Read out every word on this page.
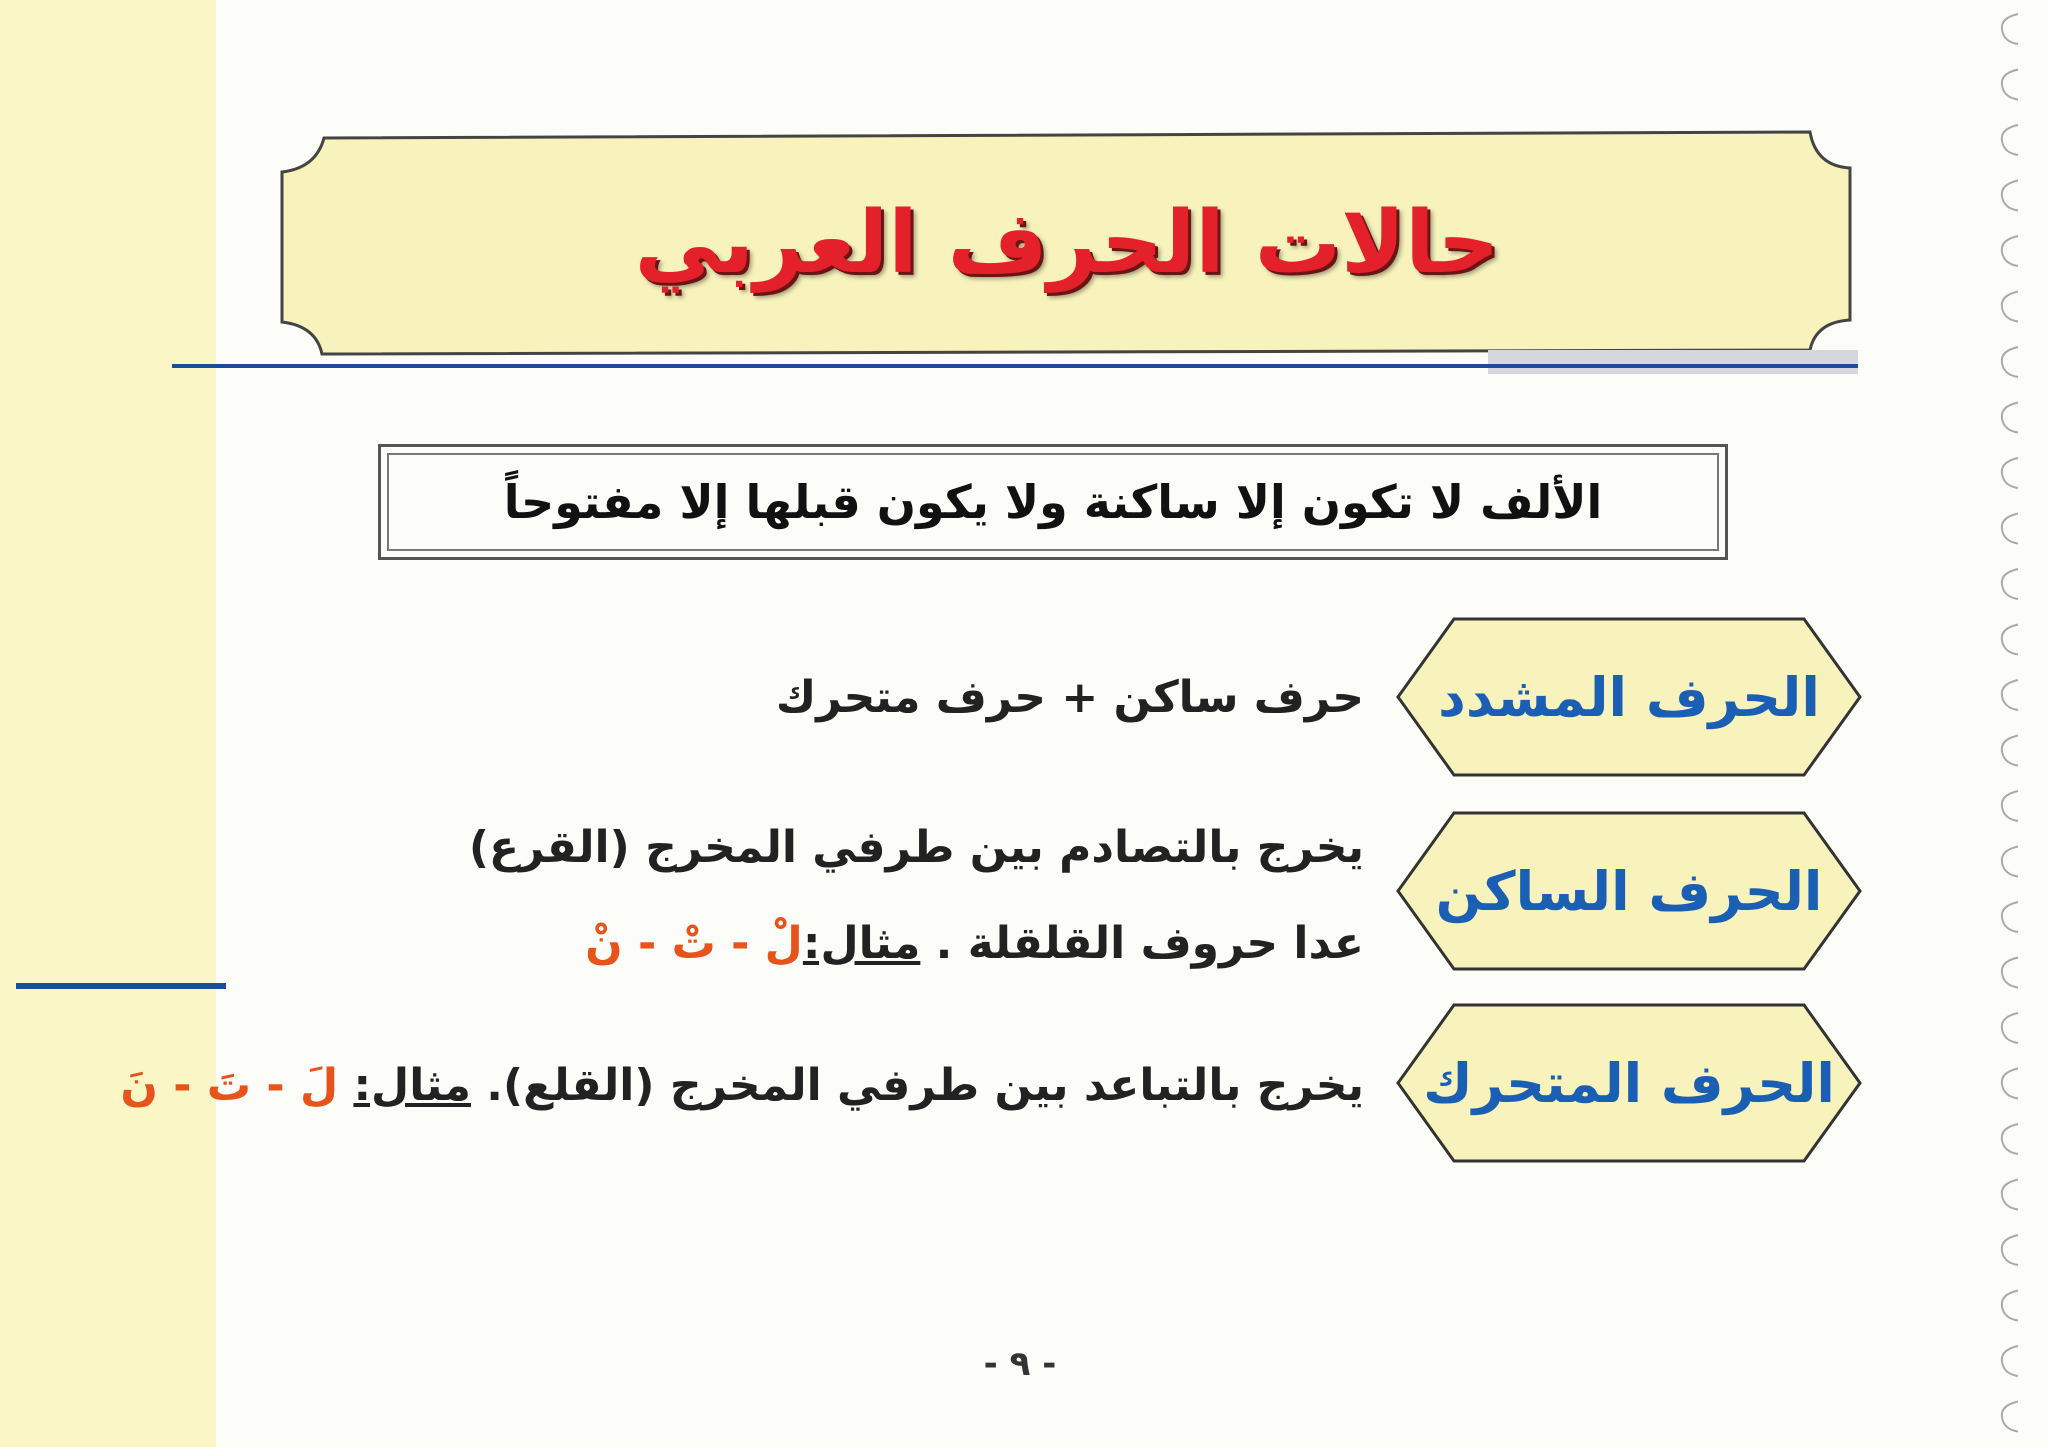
حالات الحرف العربي
الألف لا تكون إلا ساكنة ولا يكون قبلها إلا مفتوحاً
الحرف المشدد
حرف ساكن + حرف متحرك
الحرف الساكن
يخرج بالتصادم بين طرفي المخرج (القرع)
عدا حروف القلقلة . مثال:لْ - تْ - نْ
الحرف المتحرك
يخرج بالتباعد بين طرفي المخرج (القلع). مثال: لَ - تَ - نَ
- ٩ -
